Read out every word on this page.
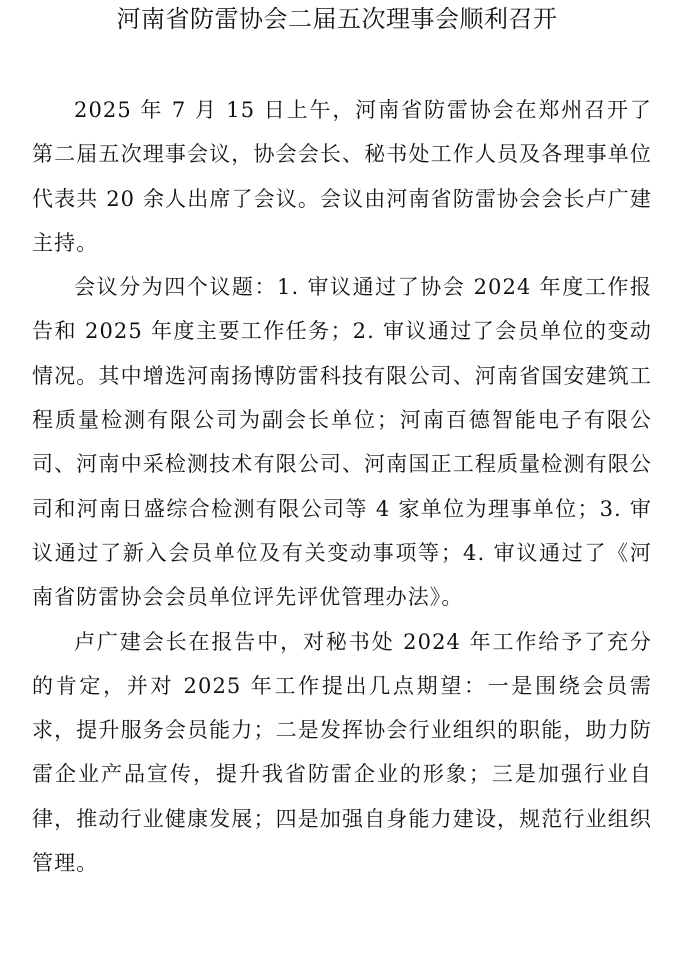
河南省防雷协会二届五次理事会顺利召开

2025 年 7 月 15 日上午，河南省防雷协会在郑州召开了第二届五次理事会议，协会会长、秘书处工作人员及各理事单位代表共 20 余人出席了会议。会议由河南省防雷协会会长卢广建主持。

会议分为四个议题：1. 审议通过了协会 2024 年度工作报告和 2025 年度主要工作任务；2. 审议通过了会员单位的变动情况。其中增选河南扬博防雷科技有限公司、河南省国安建筑工程质量检测有限公司为副会长单位；河南百德智能电子有限公司、河南中采检测技术有限公司、河南国正工程质量检测有限公司和河南日盛综合检测有限公司等 4 家单位为理事单位；3. 审议通过了新入会员单位及有关变动事项等；4. 审议通过了《河南省防雷协会会员单位评先评优管理办法》。

卢广建会长在报告中，对秘书处 2024 年工作给予了充分的肯定，并对 2025 年工作提出几点期望：一是围绕会员需求，提升服务会员能力；二是发挥协会行业组织的职能，助力防雷企业产品宣传，提升我省防雷企业的形象；三是加强行业自律，推动行业健康发展；四是加强自身能力建设，规范行业组织管理。
